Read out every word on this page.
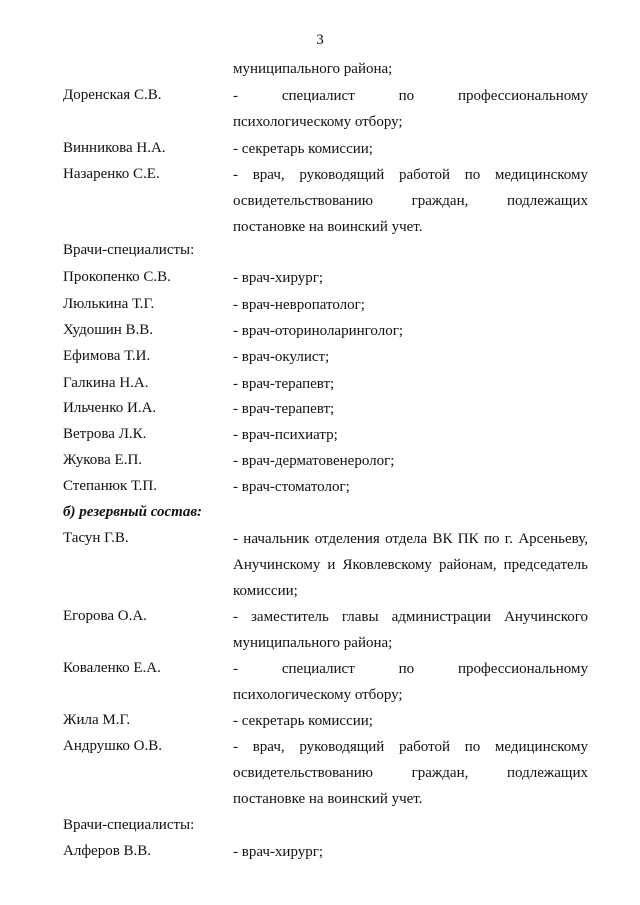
3
муниципального района;
Доренская С.В.	- специалист по профессиональному
психологическому отбору;
Винникова Н.А.	- секретарь комиссии;
Назаренко С.Е.	- врач, руководящий работой по медицинскому
освидетельствованию граждан, подлежащих
постановке на воинский учет.
Врачи-специалисты:
Прокопенко С.В.	- врач-хирург;
Люлькина Т.Г.	- врач-невропатолог;
Худошин В.В.	- врач-оториноларинголог;
Ефимова Т.И.	- врач-окулист;
Галкина Н.А.	- врач-терапевт;
Ильченко И.А.	- врач-терапевт;
Ветрова Л.К.	- врач-психиатр;
Жукова Е.П.	- врач-дерматовенеролог;
Степанюк Т.П.	- врач-стоматолог;
б) резервный состав:
Тасун Г.В.	- начальник отделения отдела ВК ПК по г. Арсеньеву,
Анучинскому и Яковлевскому районам, председатель
комиссии;
Егорова О.А.	- заместитель главы администрации Анучинского
муниципального района;
Коваленко Е.А.	- специалист по профессиональному
психологическому отбору;
Жила М.Г.	- секретарь комиссии;
Андрушко О.В.	- врач, руководящий работой по медицинскому
освидетельствованию граждан, подлежащих
постановке на воинский учет.
Врачи-специалисты:
Алферов В.В.	- врач-хирург;
